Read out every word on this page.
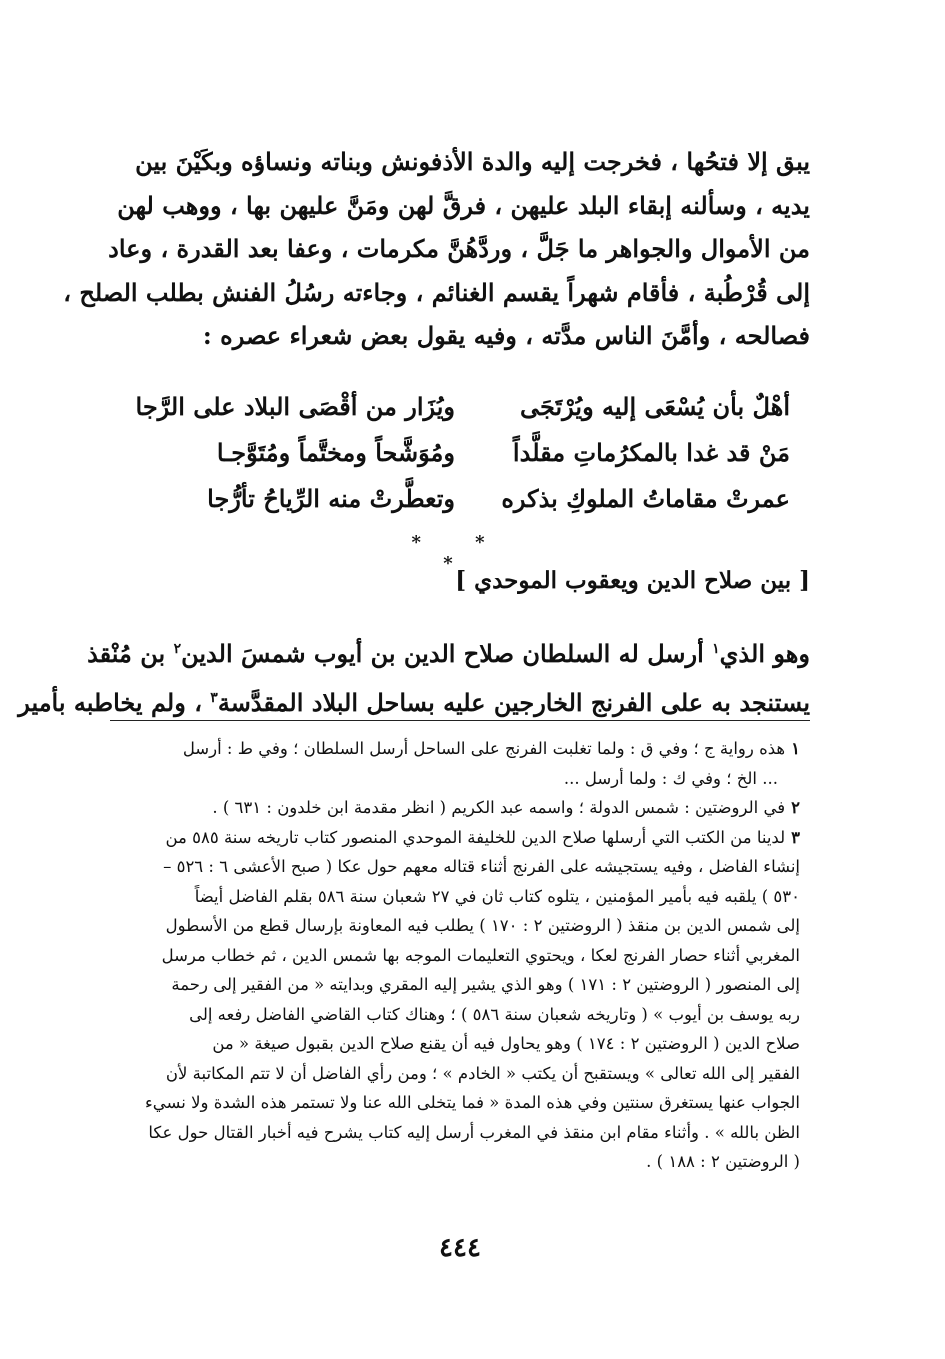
يبق إلا فتحُها ، فخرجت إليه والدة الأذفونش وبناته ونساؤه وبكَيْنَ بين
يديه ، وسألنه إبقاء البلد عليهن ، فرقَّ لهن ومَنَّ عليهن بها ، ووهب لهن
من الأموال والجواهر ما جَلَّ ، وردَّهُنَّ مكرمات ، وعفا بعد القدرة ، وعاد
إلى قُرْطُبة ، فأقام شهراً يقسم الغنائم ، وجاءته رسُلُ الفنش بطلب الصلح ،
فصالحه ، وأمَّنَ الناس مدَّته ، وفيه يقول بعض شعراء عصره :
أهْلٌ بأن يُسْعَى إليه ويُرْتَجَى
ويُزَار من أقْصَى البلاد على الرَّجا
مَنْ قد غدا بالمكرُماتِ مقلَّداً
ومُوَشَّحاً ومختَّماً ومُتَوَّجـا
عمرتْ مقاماتُ الملوكِ بذكره
وتعطَّرتْ منه الرِّياحُ تأرُّجا
* * *
[ بين صلاح الدين ويعقوب الموحدي ]
وهو الذي$^١$ أرسل له السلطان صلاح الدين بن أيوب شمسَ الدين$^٢$ بن مُنْقذ
يستنجد به على الفرنج الخارجين عليه بساحل البلاد المقدَّسة$^٣$ ، ولم يخاطبه بأمير
١هذه رواية ج ؛ وفي ق : ولما تغلبت الفرنج على الساحل أرسل السلطان ؛ وفي ط : أرسل
... الخ ؛ وفي ك : ولما أرسل ...
٢في الروضتين : شمس الدولة ؛ واسمه عبد الكريم ( انظر مقدمة ابن خلدون : ٦٣١ ) .
٣لدينا من الكتب التي أرسلها صلاح الدين للخليفة الموحدي المنصور كتاب تاريخه سنة ٥٨٥ من
إنشاء الفاضل ، وفيه يستجيشه على الفرنج أثناء قتاله معهم حول عكا ( صبح الأعشى ٦ : ٥٢٦ –
٥٣٠ ) يلقبه فيه بأمير المؤمنين ، يتلوه كتاب ثان في ٢٧ شعبان سنة ٥٨٦ بقلم الفاضل أيضاً
إلى شمس الدين بن منقذ ( الروضتين ٢ : ١٧٠ ) يطلب فيه المعاونة بإرسال قطع من الأسطول
المغربي أثناء حصار الفرنج لعكا ، ويحتوي التعليمات الموجه بها شمس الدين ، ثم خطاب مرسل
إلى المنصور ( الروضتين ٢ : ١٧١ ) وهو الذي يشير إليه المقري وبدايته « من الفقير إلى رحمة
ربه يوسف بن أيوب » ( وتاريخه شعبان سنة ٥٨٦ ) ؛ وهناك كتاب القاضي الفاضل رفعه إلى
صلاح الدين ( الروضتين ٢ : ١٧٤ ) وهو يحاول فيه أن يقنع صلاح الدين بقبول صيغة « من
الفقير إلى الله تعالى » ويستقبح أن يكتب « الخادم » ؛ ومن رأي الفاضل أن لا تتم المكاتبة لأن
الجواب عنها يستغرق سنتين وفي هذه المدة « فما يتخلى الله عنا ولا تستمر هذه الشدة ولا نسيء
الظن بالله » . وأثناء مقام ابن منقذ في المغرب أرسل إليه كتاب يشرح فيه أخبار القتال حول عكا
( الروضتين ٢ : ١٨٨ ) .
٤٤٤
